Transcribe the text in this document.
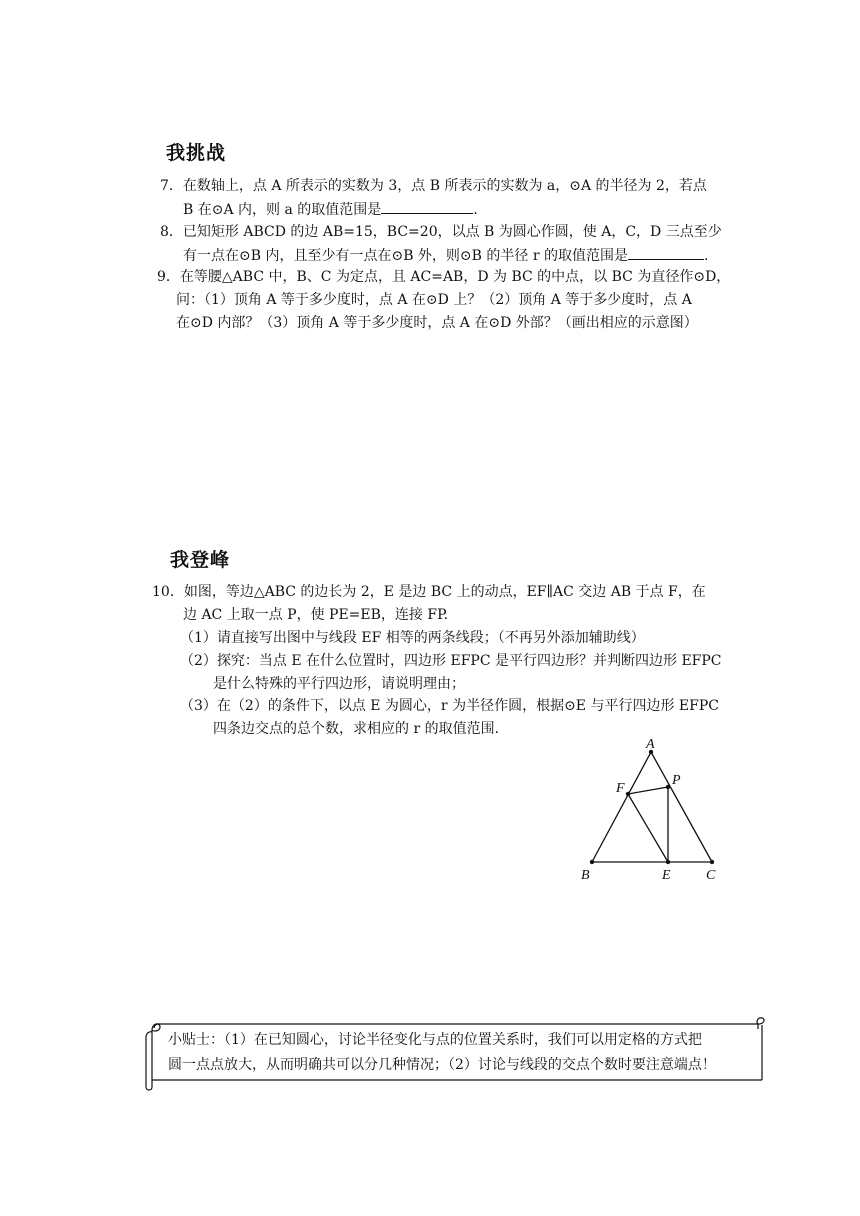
我挑战
7．在数轴上，点 A 所表示的实数为 3，点 B 所表示的实数为 a，⊙A 的半径为 2，若点
B 在⊙A 内，则 a 的取值范围是	.
8．已知矩形 ABCD 的边 AB=15，BC=20，以点 B 为圆心作圆，使 A，C，D 三点至少
有一点在⊙B 内，且至少有一点在⊙B 外，则⊙B 的半径 r 的取值范围是	.
9．在等腰△ABC 中，B、C 为定点，且 AC=AB，D 为 BC 的中点，以 BC 为直径作⊙D，
问：（1）顶角 A 等于多少度时，点 A 在⊙D 上？（2）顶角 A 等于多少度时，点 A
在⊙D 内部？（3）顶角 A 等于多少度时，点 A 在⊙D 外部？（画出相应的示意图）
我登峰
10．如图，等边△ABC 的边长为 2，E 是边 BC 上的动点，EF∥AC 交边 AB 于点 F，在
边 AC 上取一点 P，使 PE=EB，连接 FP.
（1）请直接写出图中与线段 EF 相等的两条线段；（不再另外添加辅助线）
（2）探究：当点 E 在什么位置时，四边形 EFPC 是平行四边形？并判断四边形 EFPC
是什么特殊的平行四边形，请说明理由；
（3）在（2）的条件下，以点 E 为圆心，r 为半径作圆，根据⊙E 与平行四边形 EFPC
四条边交点的总个数，求相应的 r 的取值范围.
A
B	C
E
F
P
小贴士：（1）在已知圆心，讨论半径变化与点的位置关系时，我们可以用定格的方式把
圆一点点放大，从而明确共可以分几种情况；（2）讨论与线段的交点个数时要注意端点！
